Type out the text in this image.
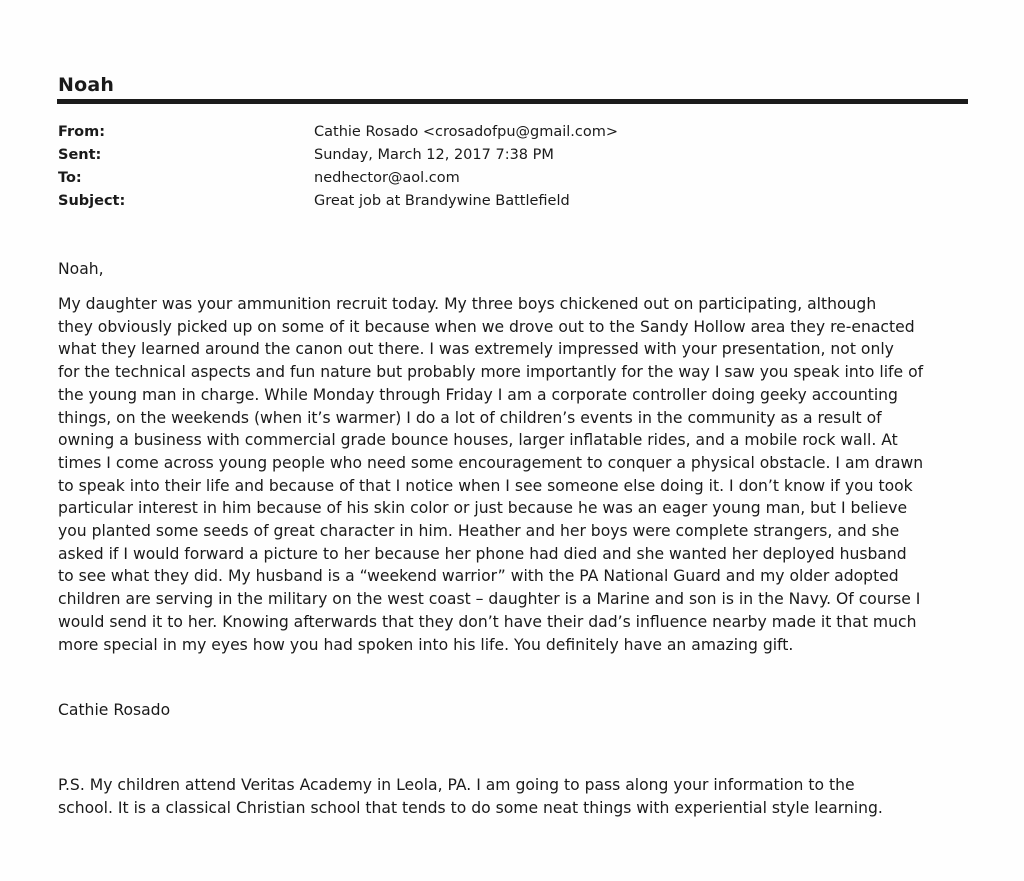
Noah
From:	Cathie Rosado <crosadofpu@gmail.com>
Sent:	Sunday, March 12, 2017 7:38 PM
To:	nedhector@aol.com
Subject:	Great job at Brandywine Battlefield
Noah,
My daughter was your ammunition recruit today. My three boys chickened out on participating, although
they obviously picked up on some of it because when we drove out to the Sandy Hollow area they re-enacted
what they learned around the canon out there. I was extremely impressed with your presentation, not only
for the technical aspects and fun nature but probably more importantly for the way I saw you speak into life of
the young man in charge. While Monday through Friday I am a corporate controller doing geeky accounting
things, on the weekends (when it’s warmer) I do a lot of children’s events in the community as a result of
owning a business with commercial grade bounce houses, larger inflatable rides, and a mobile rock wall. At
times I come across young people who need some encouragement to conquer a physical obstacle. I am drawn
to speak into their life and because of that I notice when I see someone else doing it. I don’t know if you took
particular interest in him because of his skin color or just because he was an eager young man, but I believe
you planted some seeds of great character in him. Heather and her boys were complete strangers, and she
asked if I would forward a picture to her because her phone had died and she wanted her deployed husband
to see what they did. My husband is a “weekend warrior” with the PA National Guard and my older adopted
children are serving in the military on the west coast – daughter is a Marine and son is in the Navy. Of course I
would send it to her. Knowing afterwards that they don’t have their dad’s influence nearby made it that much
more special in my eyes how you had spoken into his life. You definitely have an amazing gift.
Cathie Rosado
P.S. My children attend Veritas Academy in Leola, PA. I am going to pass along your information to the
school. It is a classical Christian school that tends to do some neat things with experiential style learning.
